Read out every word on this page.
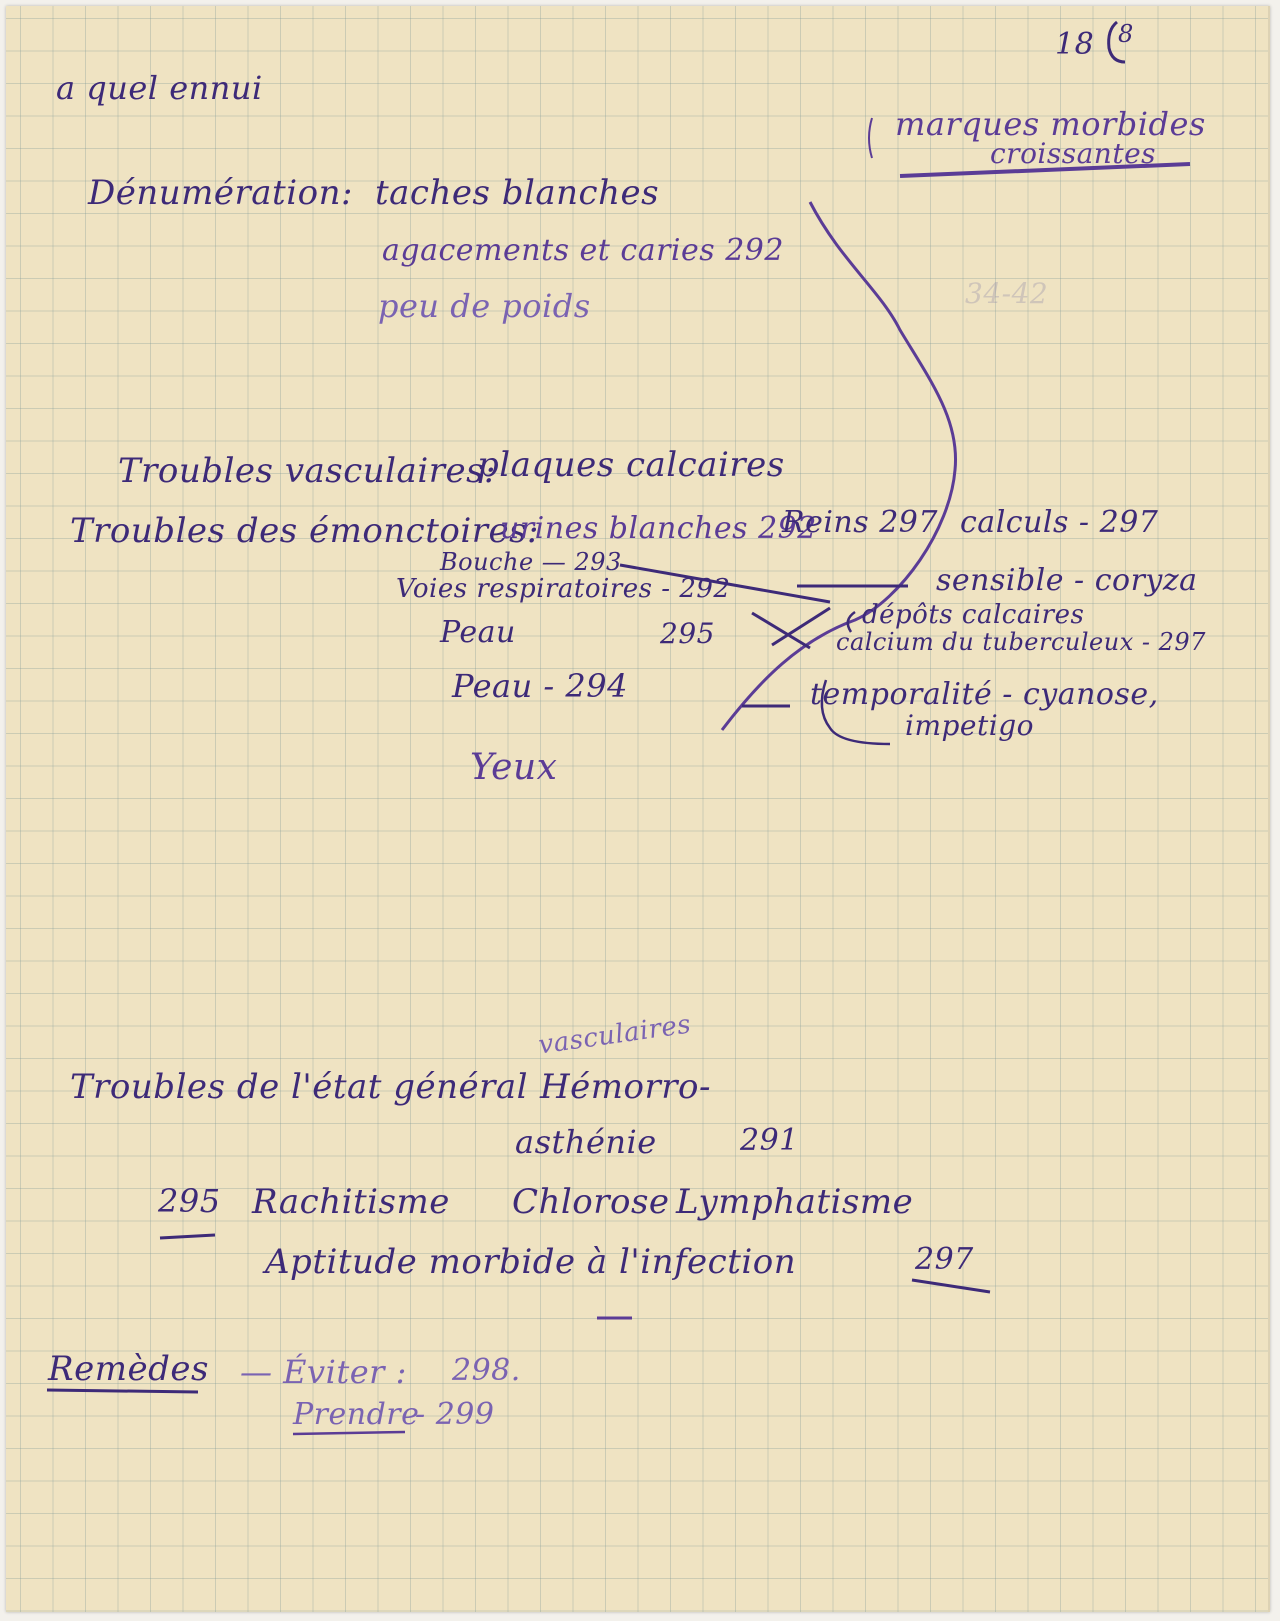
18 8
a quel ennui
marques morbides
croissantes
34-42
Dénumération: taches blanches
agacements et caries 292
peu de poids
Troubles vasculaires:
plaques calcaires
Troubles des émonctoires:
urines blanches 292
Bouche — 293
Voies respiratoires - 292
Peau	295
Peau - 294
Yeux
Reins 297 calculs - 297
sensible - coryza
dépôts calcaires
calcium du tuberculeux - 297
temporalité - cyanose,
impetigo
vasculaires
Troubles de l'état général Hémorro-
asthénie	291
295 Rachitisme Chlorose Lymphatisme
Aptitude morbide à l'infection	297
Remèdes — Éviter : 298.
Prendre
- 299
